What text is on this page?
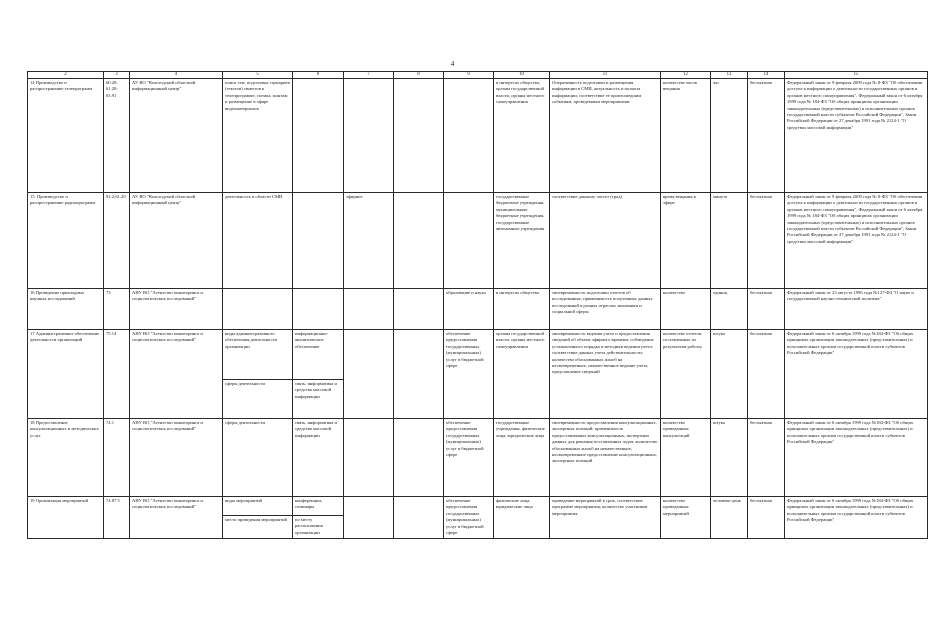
4
2	3	4	5	6	7	8	9	10	11	12	13	14	15
14 Производство и распространение телепрограмм	60.20; 61.20; 63.91	АУ ВО "Вологодский областной информационный центр"	поиск тем, подготовка сценариев (текстов) сюжетов к телепрограмме, съемка, монтаж и размещение в эфире видеоматериалов					в интересах общества, органы государственной власти, органы местного самоуправления	Оперативность подготовки и размещения информации в СМИ, актуальность и полнота информации, соответствие ее произошедшим событиям, проведенным мероприятиям	количество часов вещания	час	бесплатная	Федеральный закон от 9 февраля 2009 года № 8-ФЗ "Об обеспечении доступа к информации о деятельности государственных органов и органов местного самоуправления", Федеральный закон от 6 октября 1999 года № 184-ФЗ "Об общих принципах организации законодательных (представительных) и исполнительных органов государственной власти субъектов Российской Федерации", Закон Российской Федерации от 27 декабря 1991 года № 2124-1 "О средствах массовой информации"
15. Производство и распространение радиопрограмм	92.2;61.20	АУ ВО "Вологодский областной информационный центр"	деятельность в области СМИ		эфирное			государственные бюджетные учреждения, муниципальные бюджетные учреждения, государственные автономные учреждения	соответствие данному частот (трад)	время вещания в эфире	минута	бесплатная	Федеральный закон от 9 февраля 2009 года № 8-ФЗ "Об обеспечении доступа к информации о деятельности государственных органов и органов местного самоуправления", Федеральный закон от 6 октября 1999 года № 184-ФЗ "Об общих принципах организации законодательных (представительных) и исполнительных органов государственной власти субъектов Российской Федерации", Закон Российской Федерации от 27 декабря 1991 года № 2124-1 "О средствах массовой информации"
16 Проведение прикладных научных исследований	73	АНУ ВО "Агентство мониторинга и социологических исследований"					образование и наука	в интересах общества	своевременность подготовки отчетов об исследованиях, применимость полученных данных исследований в разных отраслях экономики и социальной сферы	количество	единиц	бесплатная	Федеральный закон от 23 августа 1996 года №127-ФЗ "О науке и государственной научно-технической политике"
17 Административное обеспечение деятельности организаций	75.14	АНУ ВО "Агентство мониторинга и социологических исследований"	виды административного обеспечения деятельности организации	информационно-аналитическое обеспечение			обеспечение предоставления государственных (муниципальных) услуг в бюджетной сфере	органы государственной власти, органы местного самоуправления	своевременность ведения учета и предоставления сведений об объеме эфирного времени; соблюдение установленного порядка и методики ведения учета; соответствие данных учета действительности; количество обоснованных жалоб на несвоевременное, некачественное ведение учета, представление сведений	количество отчетов, составленных по результатам работы	штука	бесплатная	Федеральный закон от 6 октября 1999 года №184-ФЗ "Об общих принципах организации законодательных (представительных) и исполнительных органов государственной власти субъектов Российской Федерации"
			сферы деятельности	связь, информатика и средства массовой информации									
18 Предоставление консультационных и методических услуг	74.1	АНУ ВО "Агентство мониторинга и социологических исследований"	сферы деятельности	связь, информатика и средства массовой информации			обеспечение предоставления государственных (муниципальных) услуг в бюджетной сфере	государственные учреждения, физические лица, юридические лица	своевременность предоставления консультационных, экспертных позиций; применимость предоставленных консультационных, экспертных данных для решения поставленных задач; количество обоснованных жалоб на некачественное, несвоевременное предоставление консультационных, экспертных позиций	количество проведенных консультаций	штука	бесплатная	Федеральный закон от 6 октября 1999 года №184-ФЗ "Об общих принципах организации законодательных (представительных) и исполнительных органов государственной власти субъектов Российской Федерации"
19 Организация мероприятий	74.87.5	АНУ ВО "Агентство мониторинга и социологических исследований"	виды мероприятий	конференции, семинары			обеспечение предоставления государственных (муниципальных) услуг в бюджетной сфере	физические лица, юридические лица	проведение мероприятий в срок, соответствие программе мероприятия; количество участников мероприятия	количество проведенных мероприятий	человеко-день	бесплатная	Федеральный закон от 6 октября 1999 года №184-ФЗ "Об общих принципах организации законодательных (представительных) и исполнительных органов государственной власти субъектов Российской Федерации"
			место проведения мероприятий	по месту расположения организации									
